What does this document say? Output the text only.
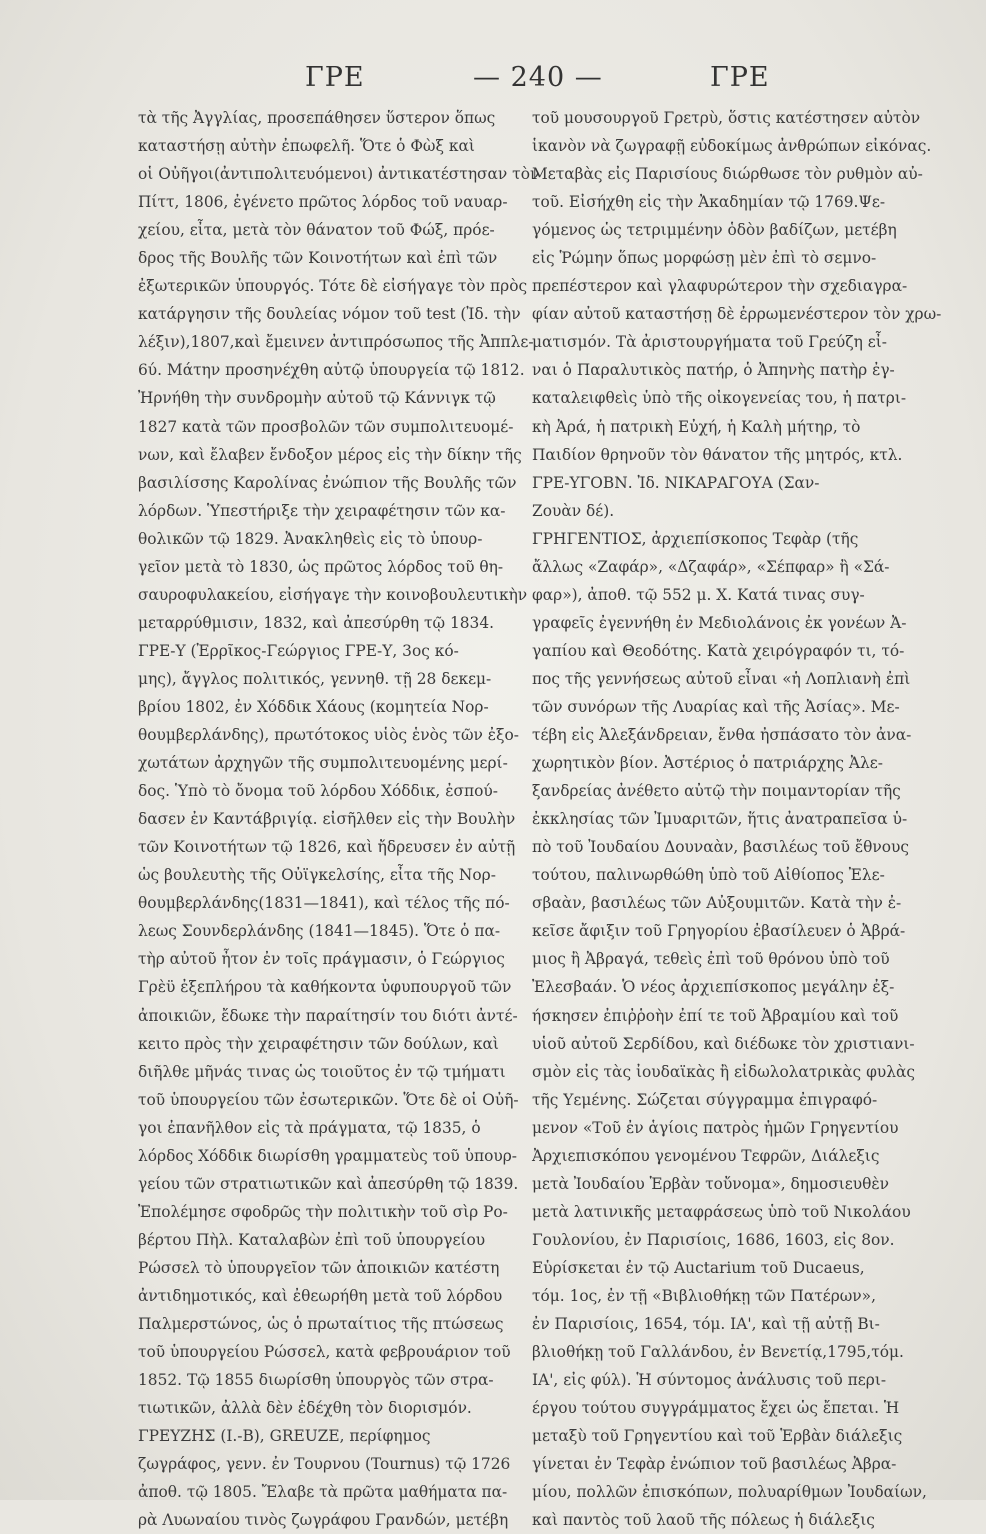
ΓΡΕ	— 240 —	ΓΡΕ
τὰ τῆς Ἀγγλίας, προσεπάθησεν ὕστερον ὅπως
καταστήσῃ αὐτὴν ἐπωφελῆ. Ὅτε ὁ Φὼξ καὶ
οἱ Οὐῆγοι(ἀντιπολιτευόμενοι) ἀντικατέστησαν τὸν
Πίττ, 1806, ἐγένετο πρῶτος λόρδος τοῦ ναυαρ-
χείου, εἶτα, μετὰ τὸν θάνατον τοῦ Φώξ, πρόε-
δρος τῆς Βουλῆς τῶν Κοινοτήτων καὶ ἐπὶ τῶν
ἐξωτερικῶν ὑπουργός. Τότε δὲ εἰσήγαγε τὸν πρὸς
κατάργησιν τῆς δουλείας νόμον τοῦ test (Ἰδ. τὴν
λέξιν),1807,καὶ ἔμεινεν ἀντιπρόσωπος τῆς Ἀππλε-
6ύ. Μάτην προσηνέχθη αὐτῷ ὑπουργεία τῷ 1812.
Ἠρνήθη τὴν συνδρομὴν αὐτοῦ τῷ Κάννιγκ τῷ
1827 κατὰ τῶν προσβολῶν τῶν συμπολιτευομέ-
νων, καὶ ἔλαβεν ἔνδοξον μέρος εἰς τὴν δίκην τῆς
βασιλίσσης Καρολίνας ἐνώπιον τῆς Βουλῆς τῶν
λόρδων. Ὑπεστήριξε τὴν χειραφέτησιν τῶν κα-
θολικῶν τῷ 1829. Ἀνακληθεὶς εἰς τὸ ὑπουρ-
γεῖον μετὰ τὸ 1830, ὡς πρῶτος λόρδος τοῦ θη-
σαυροφυλακείου, εἰσήγαγε τὴν κοινοβουλευτικὴν
μεταρρύθμισιν, 1832, καὶ ἀπεσύρθη τῷ 1834.
ΓΡΕ-Υ (Ἐρρῖκος-Γεώργιος ΓΡΕ-Υ, 3ος κό-
μης), ἄγγλος πολιτικός, γεννηθ. τῇ 28 δεκεμ-
βρίου 1802, ἐν Χόδδικ Χάους (κομητεία Νορ-
θουμβερλάνδης), πρωτότοκος υἱὸς ἑνὸς τῶν ἐξο-
χωτάτων ἀρχηγῶν τῆς συμπολιτευομένης μερί-
δος. Ὑπὸ τὸ ὄνομα τοῦ λόρδου Χόδδικ, ἐσπού-
δασεν ἐν Καντάβριγίᾳ. εἰσῆλθεν εἰς τὴν Βουλὴν
τῶν Κοινοτήτων τῷ 1826, καὶ ἤδρευσεν ἐν αὐτῇ
ὡς βουλευτὴς τῆς Οὐϊγκελσίης, εἶτα τῆς Νορ-
θουμβερλάνδης(1831—1841), καὶ τέλος τῆς πό-
λεως Σουνδερλάνδης (1841—1845). Ὅτε ὁ πα-
τὴρ αὐτοῦ ἦτον ἐν τοῖς πράγμασιν, ὁ Γεώργιος
Γρὲϋ ἐξεπλήρου τὰ καθήκοντα ὑφυπουργοῦ τῶν
ἀποικιῶν, ἔδωκε τὴν παραίτησίν του διότι ἀντέ-
κειτο πρὸς τὴν χειραφέτησιν τῶν δούλων, καὶ
διῆλθε μῆνάς τινας ὡς τοιοῦτος ἐν τῷ τμήματι
τοῦ ὑπουργείου τῶν ἐσωτερικῶν. Ὅτε δὲ οἱ Οὐῆ-
γοι ἐπανῆλθον εἰς τὰ πράγματα, τῷ 1835, ὁ
λόρδος Χόδδικ διωρίσθη γραμματεὺς τοῦ ὑπουρ-
γείου τῶν στρατιωτικῶν καὶ ἀπεσύρθη τῷ 1839.
Ἐπολέμησε σφοδρῶς τὴν πολιτικὴν τοῦ σὶρ Ρο-
βέρτου Πὴλ. Καταλαβὼν ἐπὶ τοῦ ὑπουργείου
Ρώσσελ τὸ ὑπουργεῖον τῶν ἀποικιῶν κατέστη
ἀντιδημοτικός, καὶ ἐθεωρήθη μετὰ τοῦ λόρδου
Παλμερστώνος, ὡς ὁ πρωταίτιος τῆς πτώσεως
τοῦ ὑπουργείου Ρώσσελ, κατὰ φεβρουάριον τοῦ
1852. Τῷ 1855 διωρίσθη ὑπουργὸς τῶν στρα-
τιωτικῶν, ἀλλὰ δὲν ἐδέχθη τὸν διορισμόν.
ΓΡΕΥΖΗΣ (Ι.-Β), GREUZE, περίφημος
ζωγράφος, γενν. ἐν Τουρνου (Tournus) τῷ 1726
ἀποθ. τῷ 1805. Ἔλαβε τὰ πρῶτα μαθήματα πα-
ρὰ Λυωναίου τινὸς ζωγράφου Γρανδών, μετέβη
τοῦ μουσουργοῦ Γρετρὺ, ὅστις κατέστησεν αὐτὸν
ἱκανὸν νὰ ζωγραφῇ εὐδοκίμως ἀνθρώπων εἰκόνας.
Μεταβὰς εἰς Παρισίους διώρθωσε τὸν ρυθμὸν αὐ-
τοῦ. Εἰσήχθη εἰς τὴν Ἀκαδημίαν τῷ 1769.Ψε-
γόμενος ὡς τετριμμένην ὁδὸν βαδίζων, μετέβη
εἰς Ῥώμην ὅπως μορφώσῃ μὲν ἐπὶ τὸ σεμνο-
πρεπέστερον καὶ γλαφυρώτερον τὴν σχεδιαγρα-
φίαν αὐτοῦ καταστήσῃ δὲ ἐρρωμενέστερον τὸν χρω-
ματισμόν. Τὰ ἀριστουργήματα τοῦ Γρεύζη εἶ-
ναι ὁ Παραλυτικὸς πατήρ, ὁ Ἀπηνὴς πατὴρ ἐγ-
καταλειφθεὶς ὑπὸ τῆς οἰκογενείας του, ἡ πατρι-
κὴ Ἀρά, ἡ πατρικὴ Εὐχή, ἡ Καλὴ μήτηρ, τὸ
Παιδίον θρηνοῦν τὸν θάνατον τῆς μητρός, κτλ.
ΓΡΕ-ΥΓΟΒΝ. Ἰδ. ΝΙΚΑΡΑΓΟΥΑ (Σαν-
Ζουὰν δέ).
ΓΡΗΓΕΝΤΙΟΣ, ἀρχιεπίσκοπος Τεφὰρ (τῆς
ἄλλως «Ζαφάρ», «Δζαφάρ», «Σέπφαρ» ἢ «Σά-
φαρ»), ἀποθ. τῷ 552 μ. Χ. Κατά τινας συγ-
γραφεῖς ἐγεννήθη ἐν Μεδιολάνοις ἐκ γονέων Ἀ-
γαπίου καὶ Θεοδότης. Κατὰ χειρόγραφόν τι, τό-
πος τῆς γεννήσεως αὐτοῦ εἶναι «ἡ Λοπλιανὴ ἐπὶ
τῶν συνόρων τῆς Λυαρίας καὶ τῆς Ἀσίας». Με-
τέβη εἰς Ἀλεξάνδρειαν, ἔνθα ἠσπάσατο τὸν ἀνα-
χωρητικὸν βίον. Ἀστέριος ὁ πατριάρχης Ἀλε-
ξανδρείας ἀνέθετο αὐτῷ τὴν ποιμαντορίαν τῆς
ἐκκλησίας τῶν Ἰμυαριτῶν, ἥτις ἀνατραπεῖσα ὑ-
πὸ τοῦ Ἰουδαίου Δουναὰν, βασιλέως τοῦ ἔθνους
τούτου, παλινωρθώθη ὑπὸ τοῦ Αἰθίοπος Ἐλε-
σβαὰν, βασιλέως τῶν Αὐξουμιτῶν. Κατὰ τὴν ἐ-
κεῖσε ἄφιξιν τοῦ Γρηγορίου ἐβασίλευεν ὁ Ἀβρά-
μιος ἢ Ἀβραγά, τεθεὶς ἐπὶ τοῦ θρόνου ὑπὸ τοῦ
Ἐλεσβαάν. Ὁ νέος ἀρχιεπίσκοπος μεγάλην ἐξ-
ήσκησεν ἐπιῤῥοὴν ἐπί τε τοῦ Ἀβραμίου καὶ τοῦ
υἱοῦ αὐτοῦ Σερδίδου, καὶ διέδωκε τὸν χριστιανι-
σμὸν εἰς τὰς ἰουδαϊκὰς ἢ εἰδωλολατρικὰς φυλὰς
τῆς Υεμένης. Σώζεται σύγγραμμα ἐπιγραφό-
μενον «Τοῦ ἐν ἁγίοις πατρὸς ἡμῶν Γρηγεντίου
Ἀρχιεπισκόπου γενομένου Τεφρῶν, Διάλεξις
μετὰ Ἰουδαίου Ἑρβὰν τοὔνομα», δημοσιευθὲν
μετὰ λατινικῆς μεταφράσεως ὑπὸ τοῦ Νικολάου
Γουλονίου, ἐν Παρισίοις, 1686, 1603, εἰς 8ον.
Εὑρίσκεται ἐν τῷ Auctarium τοῦ Ducaeus,
τόμ. 1ος, ἐν τῇ «Βιβλιοθήκῃ τῶν Πατέρων»,
ἐν Παρισίοις, 1654, τόμ. ΙΑ', καὶ τῇ αὐτῇ Βι-
βλιοθήκῃ τοῦ Γαλλάνδου, ἐν Βενετίᾳ,1795,τόμ.
ΙΑ', εἰς φύλ). Ἡ σύντομος ἀνάλυσις τοῦ περι-
έργου τούτου συγγράμματος ἔχει ὡς ἔπεται. Ἡ
μεταξὺ τοῦ Γρηγεντίου καὶ τοῦ Ἑρβὰν διάλεξις
γίνεται ἐν Τεφὰρ ἐνώπιον τοῦ βασιλέως Ἀβρα-
μίου, πολλῶν ἐπισκόπων, πολυαρίθμων Ἰουδαίων,
καὶ παντὸς τοῦ λαοῦ τῆς πόλεως ἡ διάλεξις
